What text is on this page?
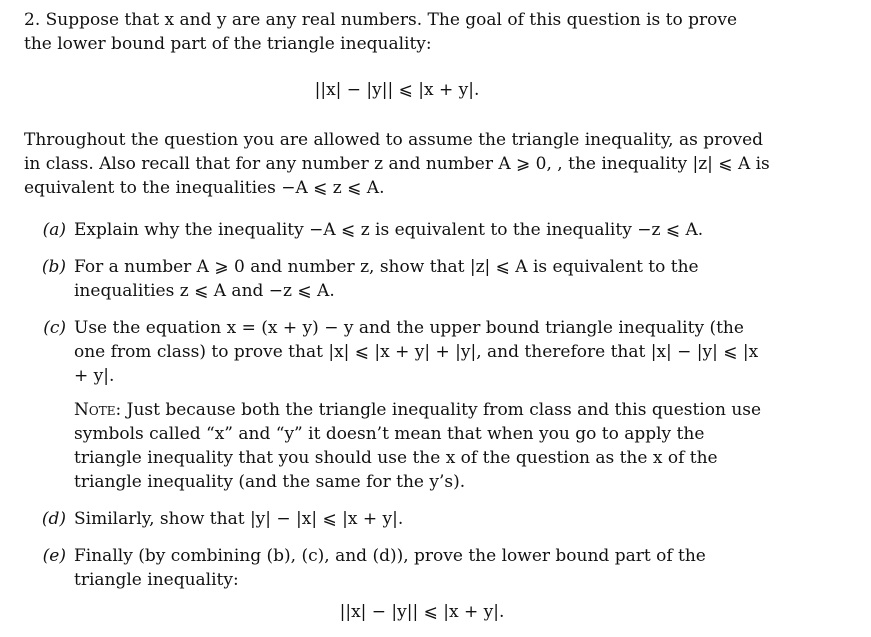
2. Suppose that x and y are any real numbers. The goal of this question is to prove the lower bound part of the triangle inequality:

||x| − |y|| ⩽ |x + y|.

Throughout the question you are allowed to assume the triangle inequality, as proved in class. Also recall that for any number z and number A ⩾ 0, , the inequality |z| ⩽ A is equivalent to the inequalities −A ⩽ z ⩽ A.

(a) Explain why the inequality −A ⩽ z is equivalent to the inequality −z ⩽ A.

(b) For a number A ⩾ 0 and number z, show that |z| ⩽ A is equivalent to the inequalities z ⩽ A and −z ⩽ A.

(c) Use the equation x = (x + y) − y and the upper bound triangle inequality (the one from class) to prove that |x| ⩽ |x + y| + |y|, and therefore that |x| − |y| ⩽ |x + y|.

Note: Just because both the triangle inequality from class and this question use symbols called “x” and “y” it doesn’t mean that when you go to apply the triangle inequality that you should use the x of the question as the x of the triangle inequality (and the same for the y’s).

(d) Similarly, show that |y| − |x| ⩽ |x + y|.

(e) Finally (by combining (b), (c), and (d)), prove the lower bound part of the triangle inequality:

||x| − |y|| ⩽ |x + y|.
